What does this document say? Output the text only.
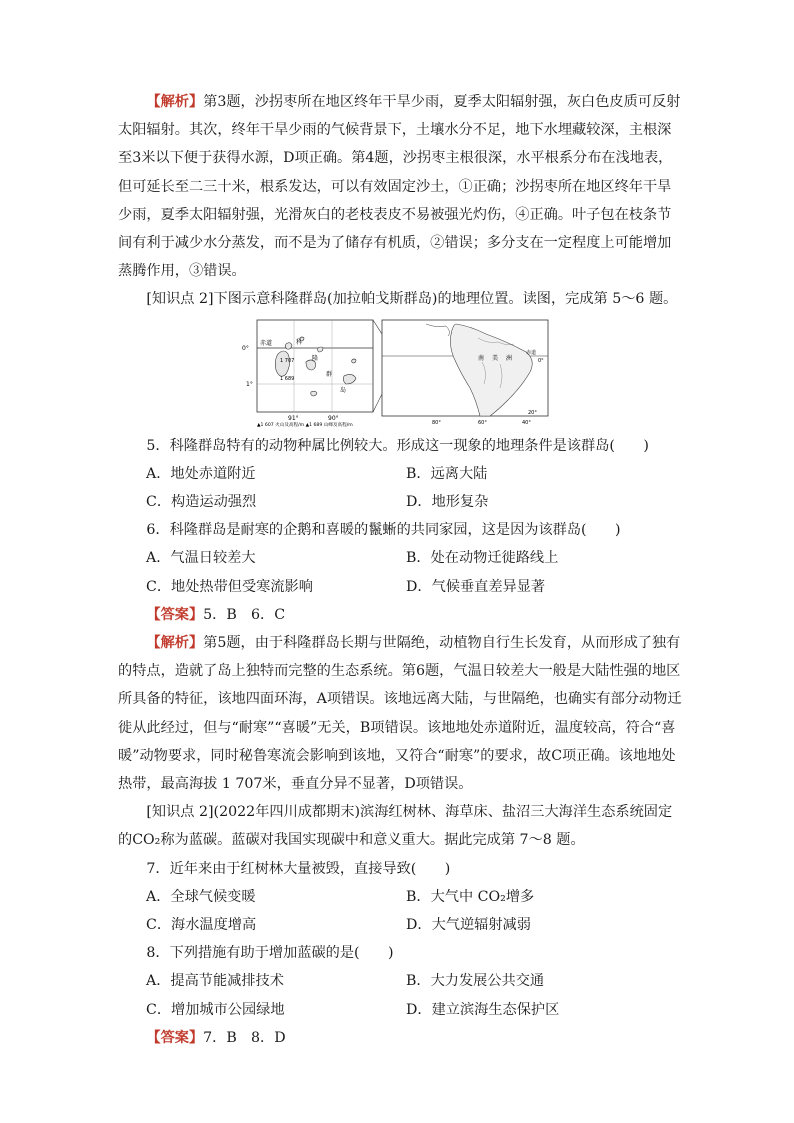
【解析】第3题，沙拐枣所在地区终年干旱少雨，夏季太阳辐射强，灰白色皮质可反射太阳辐射。其次，终年干旱少雨的气候背景下，土壤水分不足，地下水埋藏较深，主根深至3米以下便于获得水源，D项正确。第4题，沙拐枣主根很深，水平根系分布在浅地表，但可延长至二三十米，根系发达，可以有效固定沙土，①正确；沙拐枣所在地区终年干旱少雨，夏季太阳辐射强，光滑灰白的老枝表皮不易被强光灼伤，④正确。叶子包在枝条节间有利于减少水分蒸发，而不是为了储存有机质，②错误；多分支在一定程度上可能增加蒸腾作用，③错误。

[知识点 2]下图示意科隆群岛(加拉帕戈斯群岛)的地理位置。读图，完成第 5～6 题。

赤道
0°
1°
科
隆
群
岛
1 707
1 689
91°	90°
▲1 607 火山及高程/m ▲1 689 山峰及高程/m
南 美 洲
赤道
0°
20°
80°	60°	40°

5．科隆群岛特有的动物种属比例较大。形成这一现象的地理条件是该群岛(　　)

A．地处赤道附近	B．远离大陆
C．构造运动强烈	D．地形复杂

6．科隆群岛是耐寒的企鹅和喜暖的鬣蜥的共同家园，这是因为该群岛(　　)

A．气温日较差大	B．处在动物迁徙路线上
C．地处热带但受寒流影响	D．气候垂直差异显著

【答案】5．B　6．C

【解析】第5题，由于科隆群岛长期与世隔绝，动植物自行生长发育，从而形成了独有的特点，造就了岛上独特而完整的生态系统。第6题，气温日较差大一般是大陆性强的地区所具备的特征，该地四面环海，A项错误。该地远离大陆，与世隔绝，也确实有部分动物迁徙从此经过，但与“耐寒”“喜暖”无关，B项错误。该地地处赤道附近，温度较高，符合“喜暖”动物要求，同时秘鲁寒流会影响到该地，又符合“耐寒”的要求，故C项正确。该地地处热带，最高海拔 1 707米，垂直分异不显著，D项错误。

[知识点 2](2022年四川成都期末)滨海红树林、海草床、盐沼三大海洋生态系统固定的CO₂称为蓝碳。蓝碳对我国实现碳中和意义重大。据此完成第 7～8 题。

7．近年来由于红树林大量被毁，直接导致(　　)

A．全球气候变暖	B．大气中 CO₂增多
C．海水温度增高	D．大气逆辐射减弱

8．下列措施有助于增加蓝碳的是(　　)

A．提高节能减排技术	B．大力发展公共交通
C．增加城市公园绿地	D．建立滨海生态保护区

【答案】7．B　8．D
